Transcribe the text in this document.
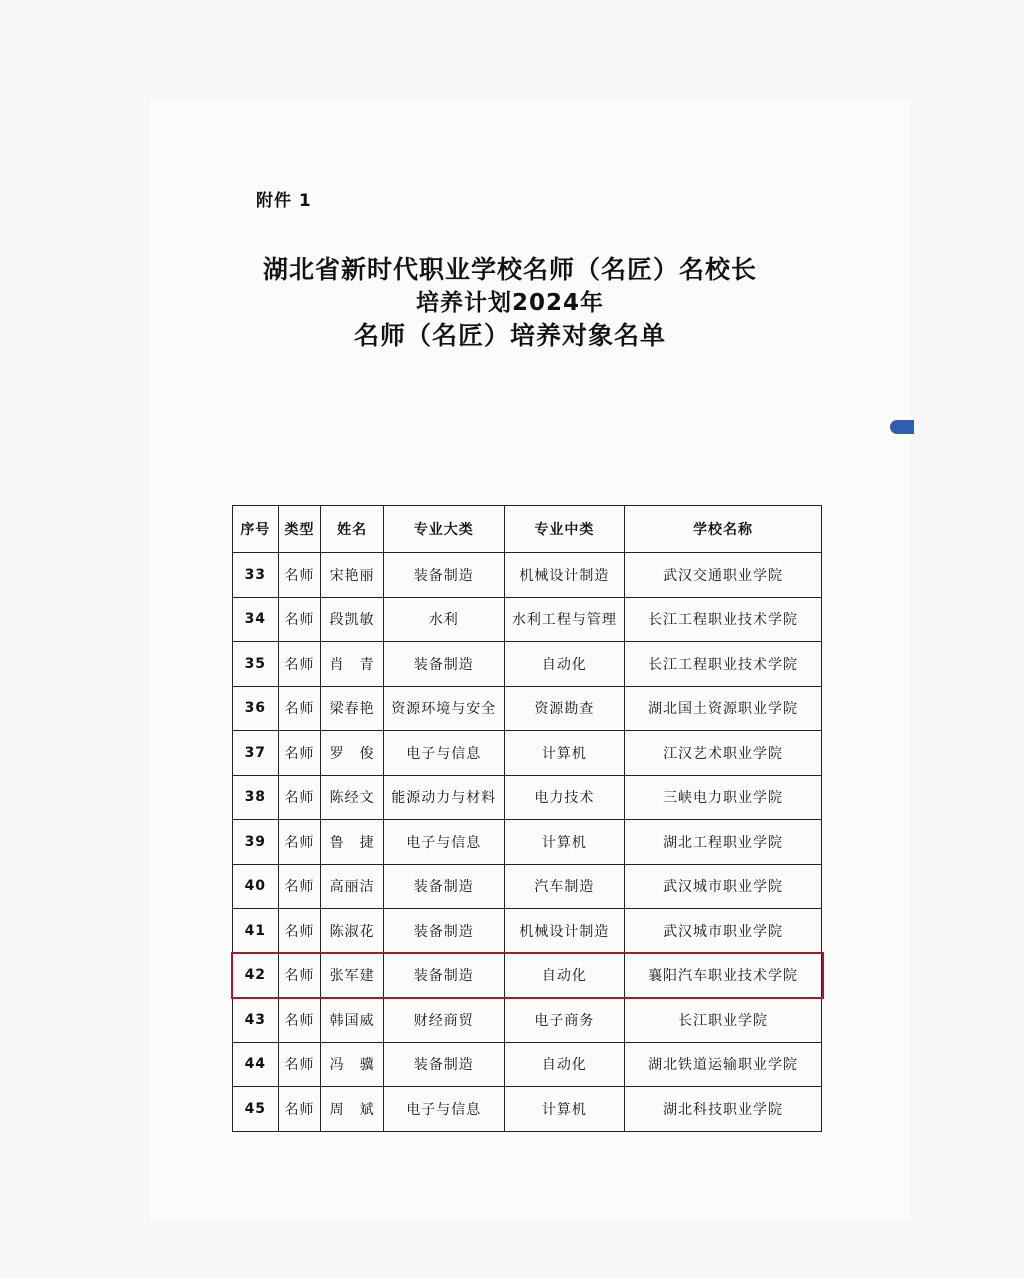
附件 1
湖北省新时代职业学校名师（名匠）名校长
培养计划2024年
名师（名匠）培养对象名单
序号	类型	姓名	专业大类	专业中类	学校名称
33	名师	宋艳丽	装备制造	机械设计制造	武汉交通职业学院
34	名师	段凯敏	水利	水利工程与管理	长江工程职业技术学院
35	名师	肖　青	装备制造	自动化	长江工程职业技术学院
36	名师	梁春艳	资源环境与安全	资源勘查	湖北国土资源职业学院
37	名师	罗　俊	电子与信息	计算机	江汉艺术职业学院
38	名师	陈经文	能源动力与材料	电力技术	三峡电力职业学院
39	名师	鲁　捷	电子与信息	计算机	湖北工程职业学院
40	名师	高丽洁	装备制造	汽车制造	武汉城市职业学院
41	名师	陈淑花	装备制造	机械设计制造	武汉城市职业学院
42	名师	张军建	装备制造	自动化	襄阳汽车职业技术学院
43	名师	韩国威	财经商贸	电子商务	长江职业学院
44	名师	冯　骥	装备制造	自动化	湖北铁道运输职业学院
45	名师	周　斌	电子与信息	计算机	湖北科技职业学院
